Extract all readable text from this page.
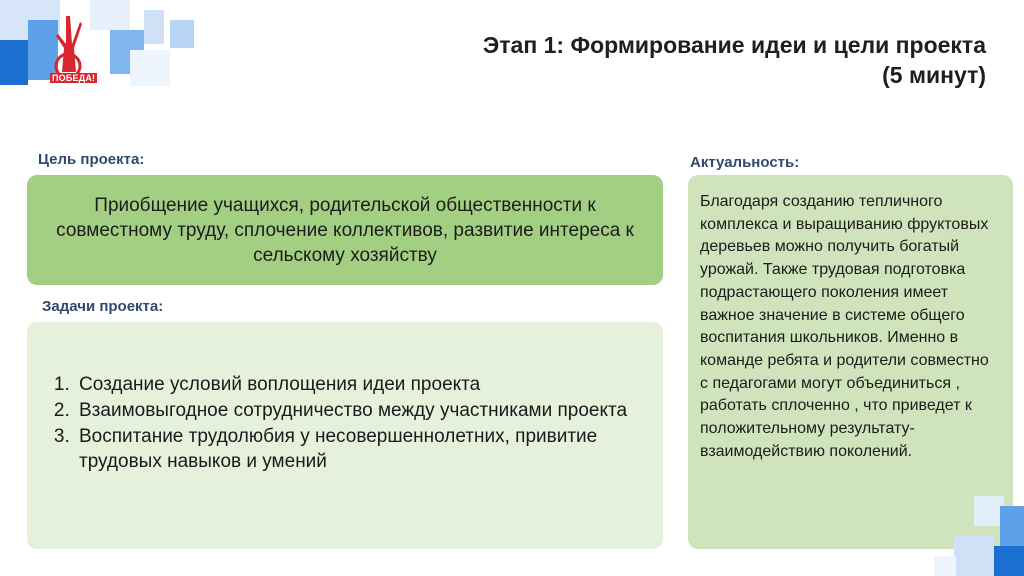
ПОБЕДА!
Этап 1: Формирование идеи и цели проекта
(5 минут)
Цель проекта:
Приобщение учащихся, родительской общественности к совместному труду, сплочение коллективов, развитие интереса к сельскому хозяйству
Задачи проекта:
1. Создание условий воплощения идеи проекта
2. Взаимовыгодное сотрудничество между участниками проекта
3. Воспитание трудолюбия у несовершеннолетних, привитие трудовых навыков и умений
Актуальность:
Благодаря созданию тепличного комплекса и выращиванию фруктовых деревьев можно получить богатый урожай. Также трудовая подготовка подрастающего поколения имеет важное значение в системе общего воспитания школьников. Именно в команде ребята и родители совместно с педагогами могут объединиться , работать сплоченно , что приведет к положительному результату- взаимодействию поколений.
